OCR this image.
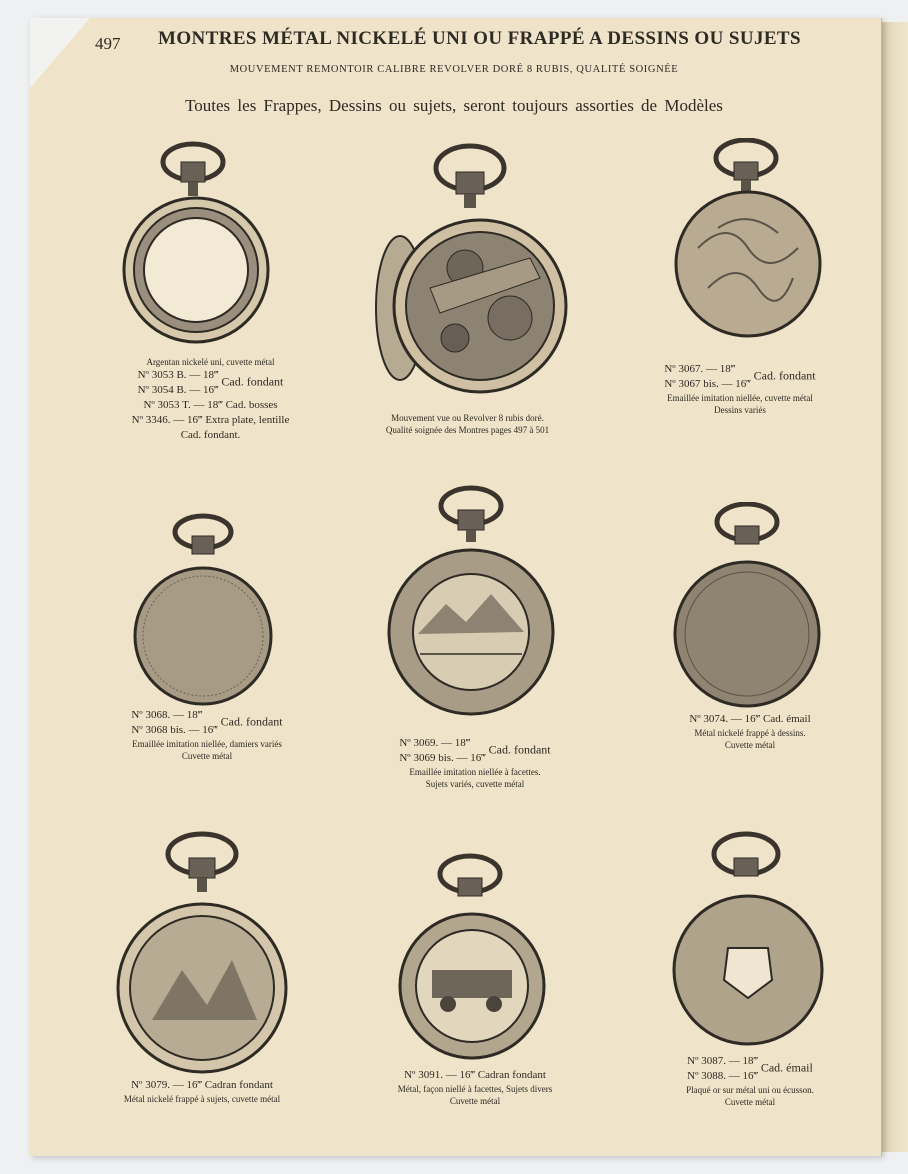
497 MONTRES MÉTAL NICKELÉ UNI OU FRAPPÉ A DESSINS OU SUJETS
MOUVEMENT REMONTOIR CALIBRE REVOLVER DORÉ 8 RUBIS, QUALITÉ SOIGNÉE
Toutes les Frappes, Dessins ou sujets, seront toujours assorties de Modèles
Argentan nickelé uni, cuvette métal
Nº 3053 B. — 18‴
Nº 3054 B. — 16‴
Cad. fondant
Nº 3053 T. — 18‴ Cad. bosses
Nº 3346. — 16‴ Extra plate, lentille
Cad. fondant.
Mouvement vue ou Revolver 8 rubis doré.
Qualité soignée des Montres pages 497 à 501
Nº 3067. — 18‴
Nº 3067 bis. — 16‴
Cad. fondant
Emaillée imitation niellée, cuvette métal
Dessins variés
Nº 3068. — 18‴
Nº 3068 bis. — 16‴
Cad. fondant
Emaillée imitation niellée, damiers variés
Cuvette métal
Nº 3069. — 18‴
Nº 3069 bis. — 16‴
Cad. fondant
Emaillée imitation niellée à facettes.
Sujets variés, cuvette métal
Nº 3074. — 16‴ Cad. émail
Métal nickelé frappé à dessins.
Cuvette métal
Nº 3079. — 16‴ Cadran fondant
Métal nickelé frappé à sujets, cuvette métal
Nº 3091. — 16‴ Cadran fondant
Métal, façon niellé à facettes, Sujets divers
Cuvette métal
Nº 3087. — 18‴
Nº 3088. — 16‴
Cad. émail
Plaqué or sur métal uni ou écusson.
Cuvette métal
